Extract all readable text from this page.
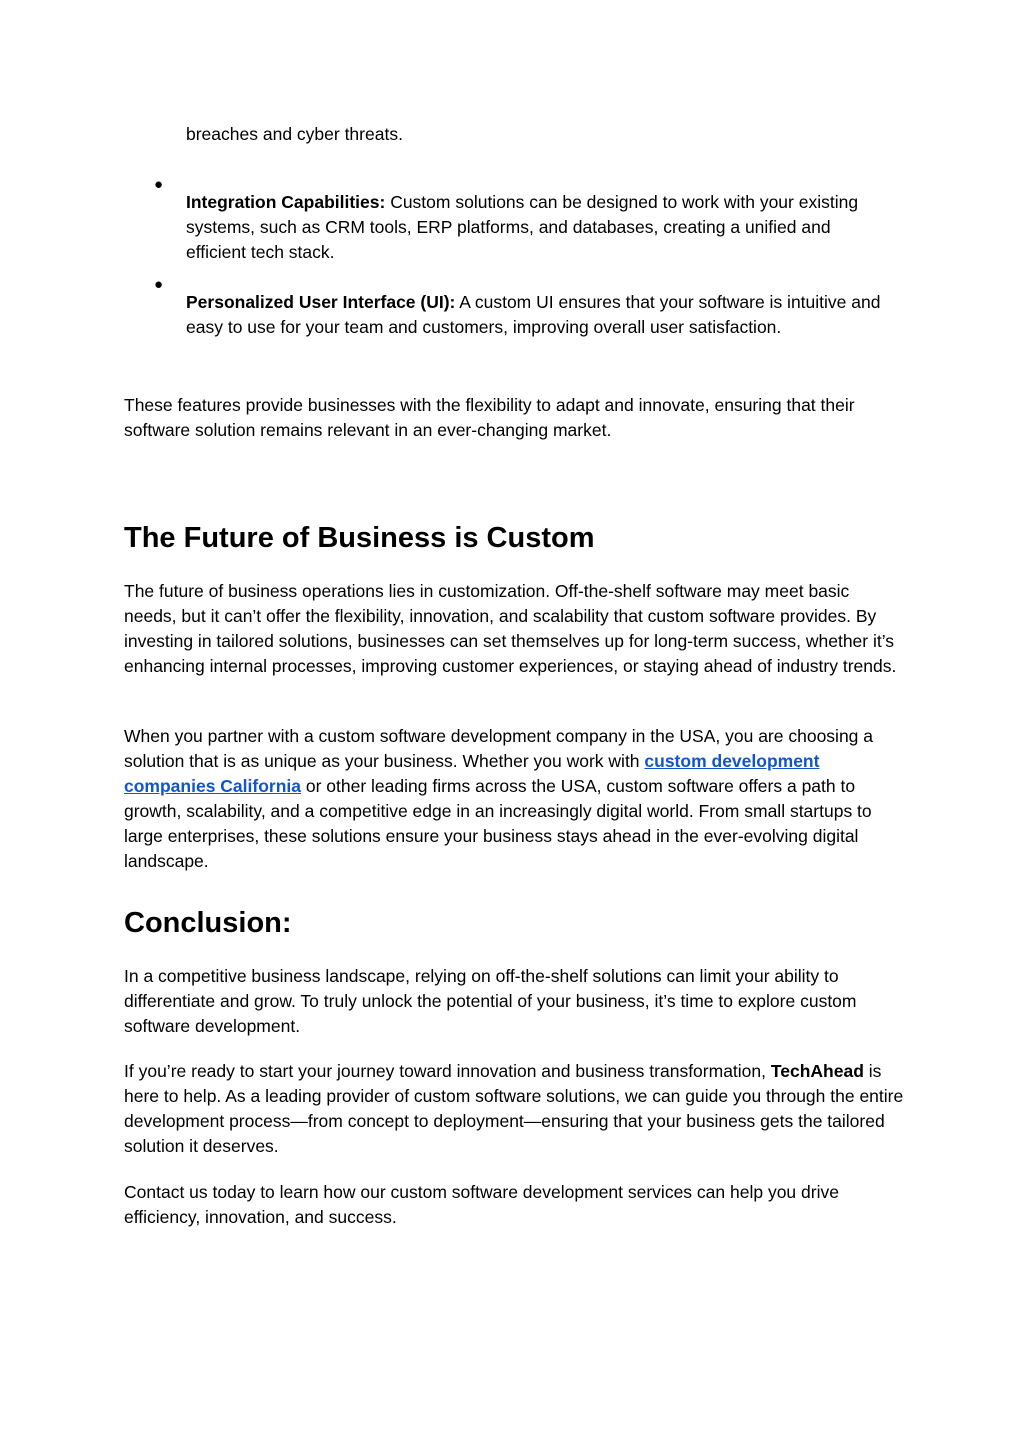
breaches and cyber threats.

●

Integration Capabilities: Custom solutions can be designed to work with your existing systems, such as CRM tools, ERP platforms, and databases, creating a unified and efficient tech stack.

●

Personalized User Interface (UI): A custom UI ensures that your software is intuitive and easy to use for your team and customers, improving overall user satisfaction.

These features provide businesses with the flexibility to adapt and innovate, ensuring that their software solution remains relevant in an ever-changing market.

The Future of Business is Custom

The future of business operations lies in customization. Off-the-shelf software may meet basic needs, but it can’t offer the flexibility, innovation, and scalability that custom software provides. By investing in tailored solutions, businesses can set themselves up for long-term success, whether it’s enhancing internal processes, improving customer experiences, or staying ahead of industry trends.

When you partner with a custom software development company in the USA, you are choosing a solution that is as unique as your business. Whether you work with custom development companies California or other leading firms across the USA, custom software offers a path to growth, scalability, and a competitive edge in an increasingly digital world. From small startups to large enterprises, these solutions ensure your business stays ahead in the ever-evolving digital landscape.

Conclusion:

In a competitive business landscape, relying on off-the-shelf solutions can limit your ability to differentiate and grow. To truly unlock the potential of your business, it’s time to explore custom software development.

If you’re ready to start your journey toward innovation and business transformation, TechAhead is here to help. As a leading provider of custom software solutions, we can guide you through the entire development process—from concept to deployment—ensuring that your business gets the tailored solution it deserves.

Contact us today to learn how our custom software development services can help you drive efficiency, innovation, and success.
